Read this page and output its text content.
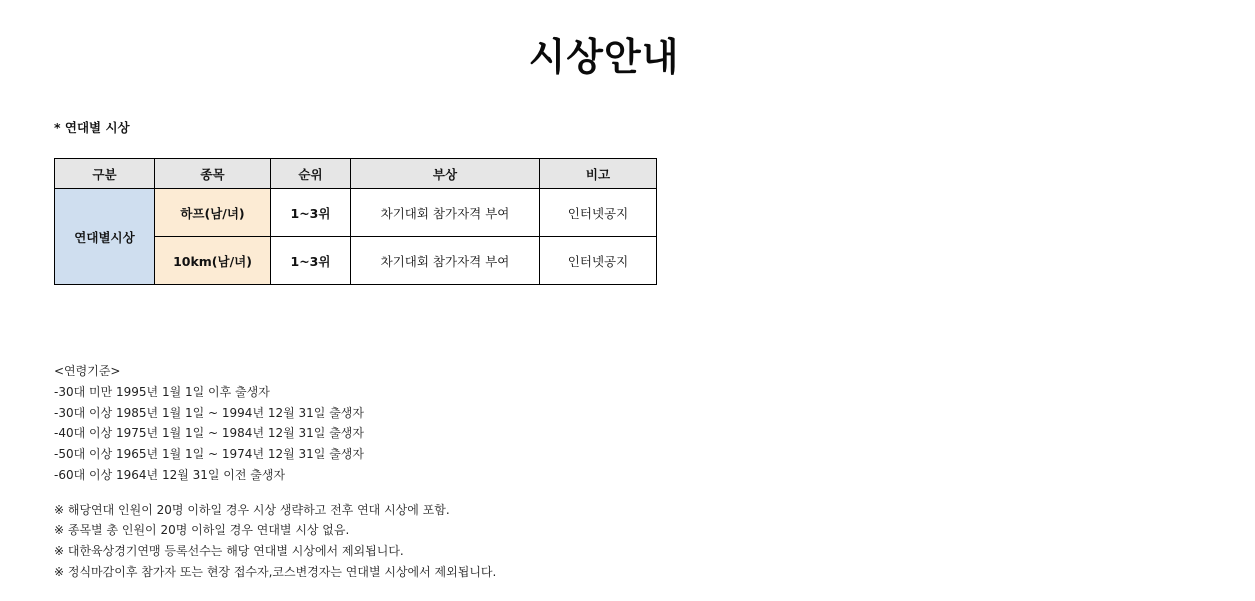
시상안내
* 연대별 시상
구분	종목	순위	부상	비고
연대별시상	하프(남/녀)	1~3위	차기대회 참가자격 부여	인터넷공지
	10km(남/녀)	1~3위	차기대회 참가자격 부여	인터넷공지
<연령기준>
-30대 미만 1995년 1월 1일 이후 출생자
-30대 이상 1985년 1월 1일 ~ 1994년 12월 31일 출생자
-40대 이상 1975년 1월 1일 ~ 1984년 12월 31일 출생자
-50대 이상 1965년 1월 1일 ~ 1974년 12월 31일 출생자
-60대 이상 1964년 12월 31일 이전 출생자
※ 해당연대 인원이 20명 이하일 경우 시상 생략하고 전후 연대 시상에 포함.
※ 종목별 총 인원이 20명 이하일 경우 연대별 시상 없음.
※ 대한육상경기연맹 등록선수는 해당 연대별 시상에서 제외됩니다.
※ 정식마감이후 참가자 또는 현장 접수자,코스변경자는 연대별 시상에서 제외됩니다.
